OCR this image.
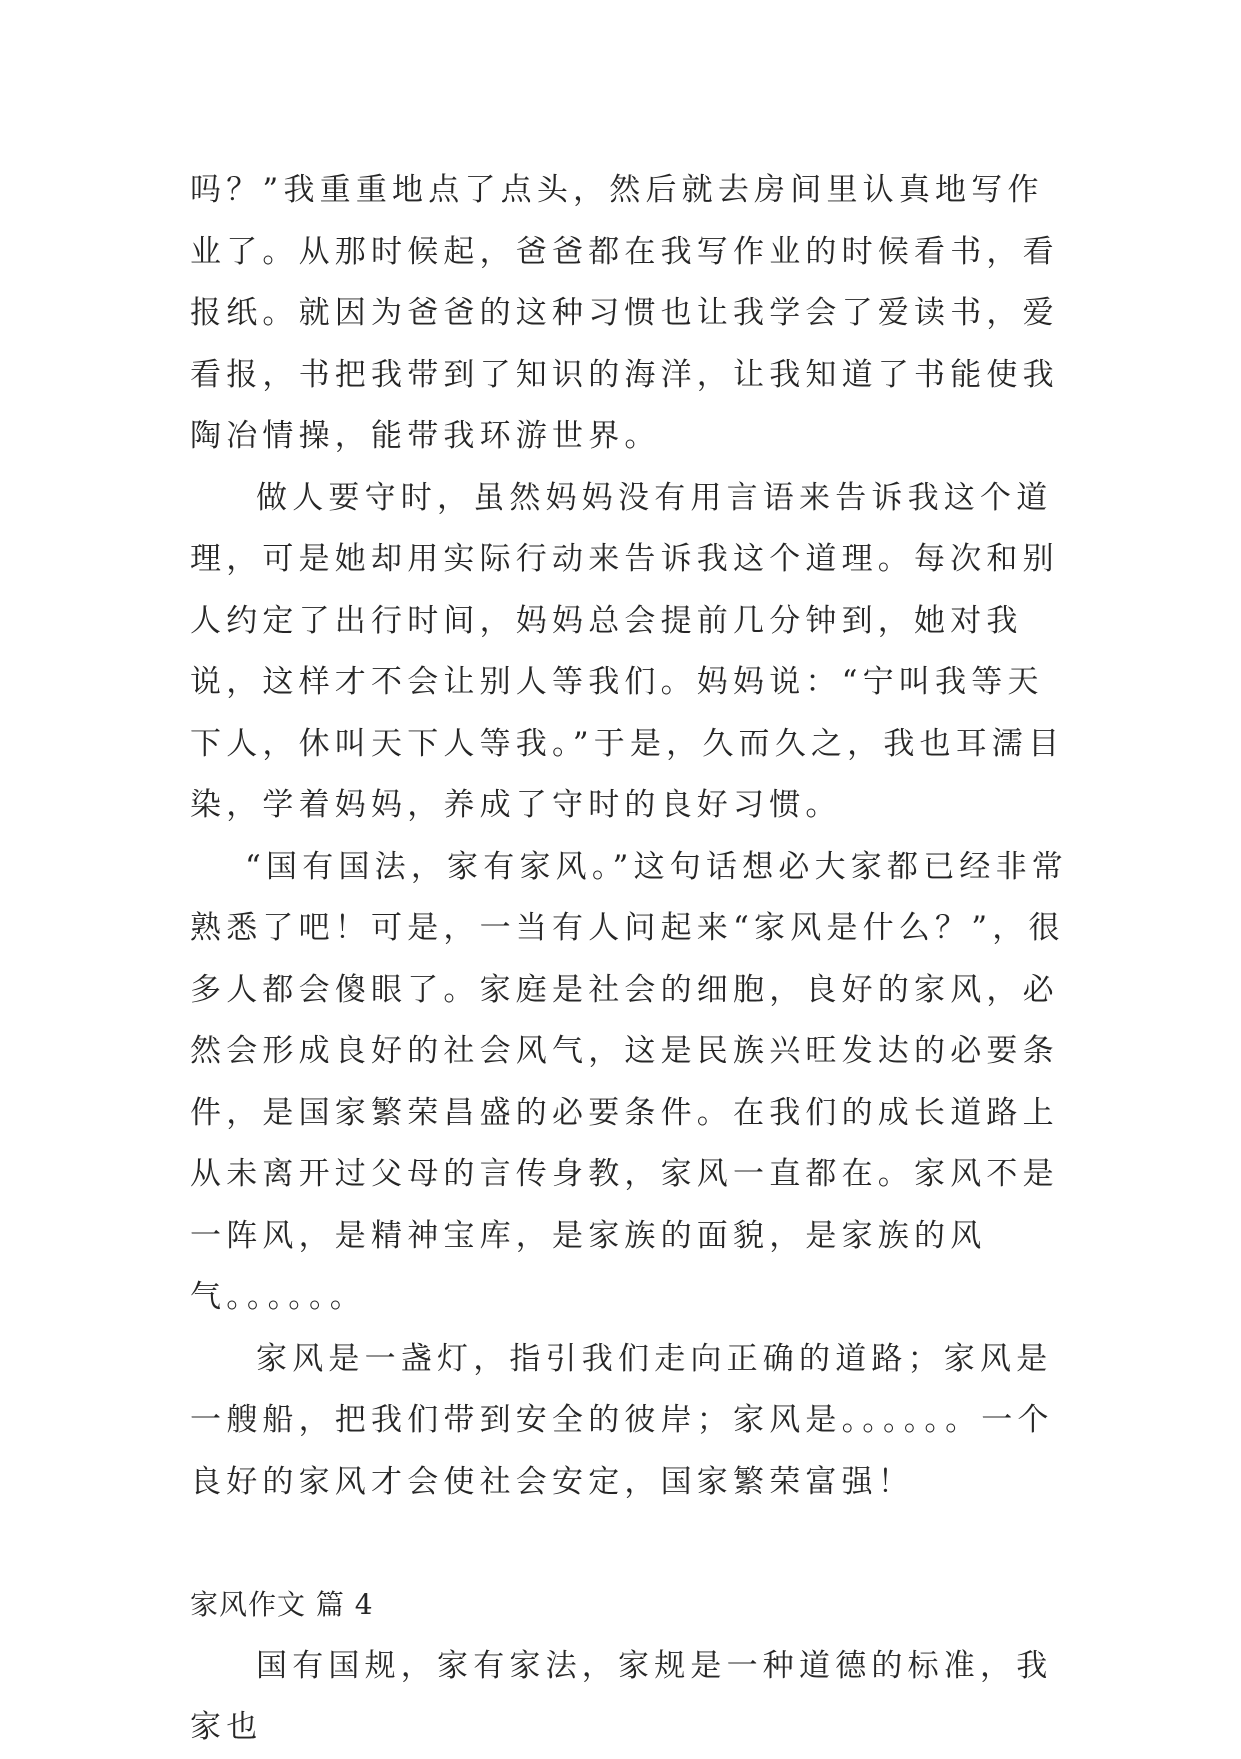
吗？”我重重地点了点头，然后就去房间里认真地写作业了。从那时候起，爸爸都在我写作业的时候看书，看报纸。就因为爸爸的这种习惯也让我学会了爱读书，爱看报，书把我带到了知识的海洋，让我知道了书能使我陶冶情操，能带我环游世界。

做人要守时，虽然妈妈没有用言语来告诉我这个道理，可是她却用实际行动来告诉我这个道理。每次和别人约定了出行时间，妈妈总会提前几分钟到，她对我说，这样才不会让别人等我们。妈妈说：“宁叫我等天下人，休叫天下人等我。”于是，久而久之，我也耳濡目染，学着妈妈，养成了守时的良好习惯。

“国有国法，家有家风。”这句话想必大家都已经非常熟悉了吧！可是，一当有人问起来“家风是什么？”，很多人都会傻眼了。家庭是社会的细胞，良好的家风，必然会形成良好的社会风气，这是民族兴旺发达的必要条件，是国家繁荣昌盛的必要条件。在我们的成长道路上从未离开过父母的言传身教，家风一直都在。家风不是一阵风，是精神宝库，是家族的面貌，是家族的风气。。。。。。

家风是一盏灯，指引我们走向正确的道路；家风是一艘船，把我们带到安全的彼岸；家风是。。。。。。一个良好的家风才会使社会安定，国家繁荣富强！

家风作文 篇 4

国有国规，家有家法，家规是一种道德的标准，我家也
